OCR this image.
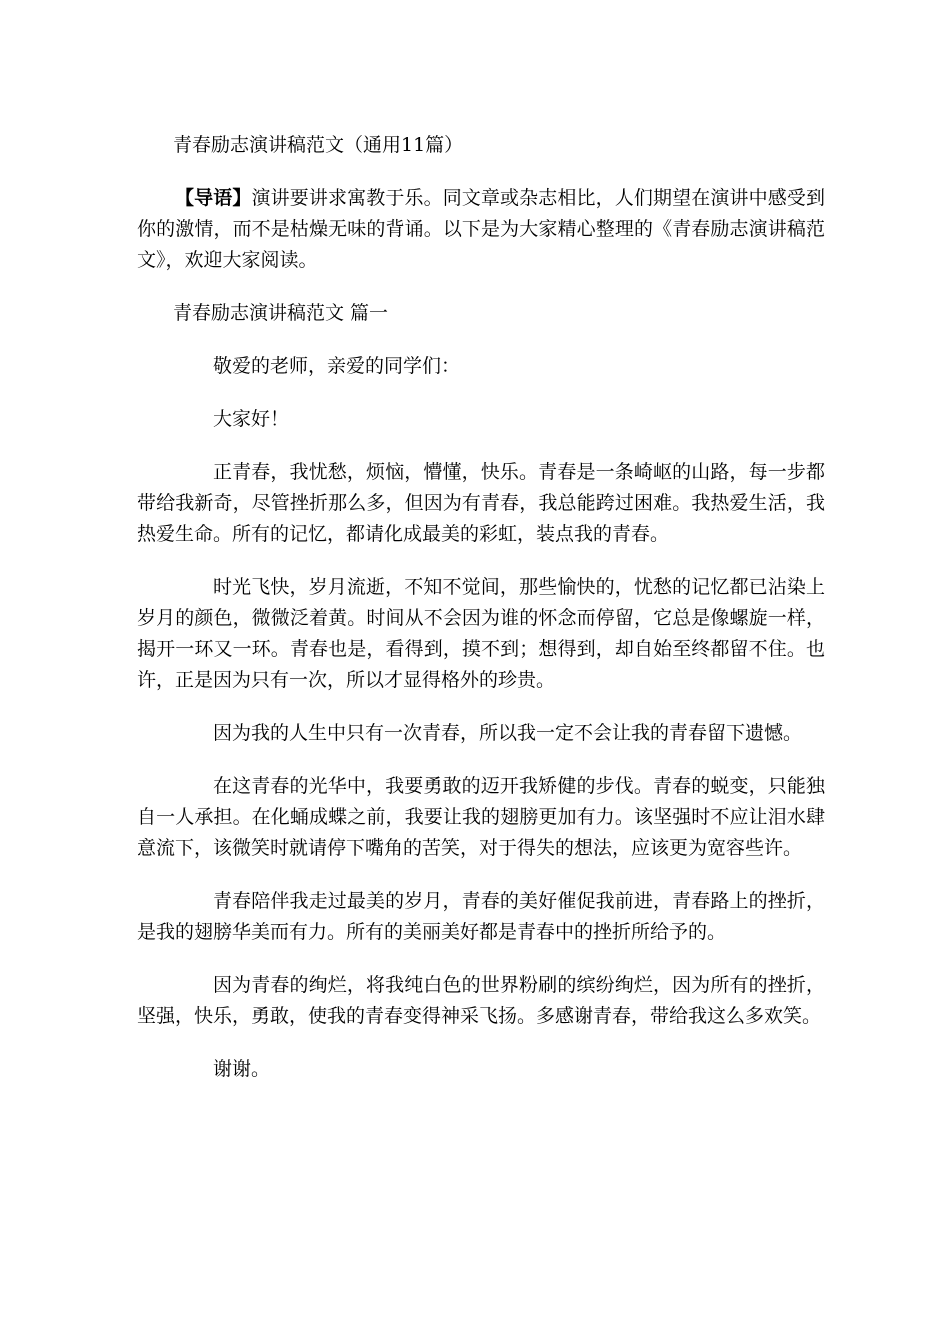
青春励志演讲稿范文（通用11篇）

【导语】演讲要讲求寓教于乐。同文章或杂志相比，人们期望在演讲中感受到你的激情，而不是枯燥无味的背诵。以下是为大家精心整理的《青春励志演讲稿范文》，欢迎大家阅读。

青春励志演讲稿范文 篇一

敬爱的老师，亲爱的同学们：

大家好！

正青春，我忧愁，烦恼，懵懂，快乐。青春是一条崎岖的山路，每一步都带给我新奇，尽管挫折那么多，但因为有青春，我总能跨过困难。我热爱生活，我热爱生命。所有的记忆，都请化成最美的彩虹，装点我的青春。

时光飞快，岁月流逝，不知不觉间，那些愉快的，忧愁的记忆都已沾染上岁月的颜色，微微泛着黄。时间从不会因为谁的怀念而停留，它总是像螺旋一样，揭开一环又一环。青春也是，看得到，摸不到；想得到，却自始至终都留不住。也许，正是因为只有一次，所以才显得格外的珍贵。

因为我的人生中只有一次青春，所以我一定不会让我的青春留下遗憾。

在这青春的光华中，我要勇敢的迈开我矫健的步伐。青春的蜕变，只能独自一人承担。在化蛹成蝶之前，我要让我的翅膀更加有力。该坚强时不应让泪水肆意流下，该微笑时就请停下嘴角的苦笑，对于得失的想法，应该更为宽容些许。

青春陪伴我走过最美的岁月，青春的美好催促我前进，青春路上的挫折，是我的翅膀华美而有力。所有的美丽美好都是青春中的挫折所给予的。

因为青春的绚烂，将我纯白色的世界粉刷的缤纷绚烂，因为所有的挫折，坚强，快乐，勇敢，使我的青春变得神采飞扬。多感谢青春，带给我这么多欢笑。

谢谢。
